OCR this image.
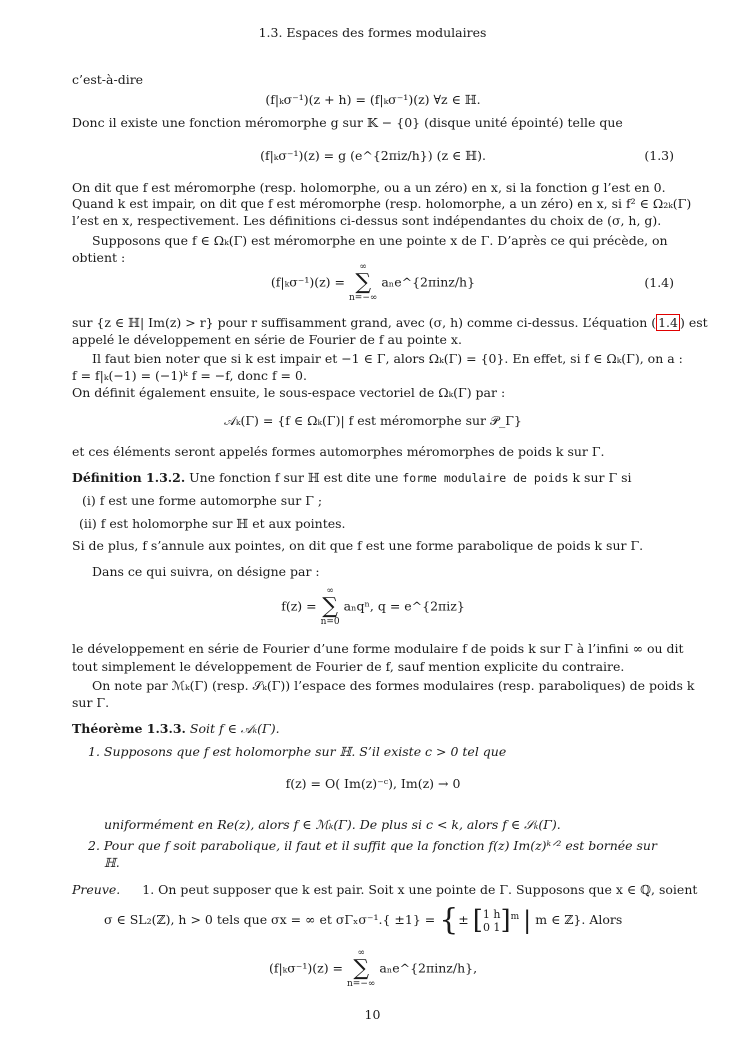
1.3. Espaces des formes modulaires
c’est-à-dire
(f|ₖσ⁻¹)(z + h) = (f|ₖσ⁻¹)(z) ∀z ∈ ℍ.
Donc il existe une fonction méromorphe g sur 𝕂 − {0} (disque unité épointé) telle que
(f|ₖσ⁻¹)(z) = g (e^{2πiz/h}) (z ∈ ℍ).	(1.3)
On dit que f est méromorphe (resp. holomorphe, ou a un zéro) en x, si la fonction g l’est en 0.
Quand k est impair, on dit que f est méromorphe (resp. holomorphe, a un zéro) en x, si f² ∈ Ω₂ₖ(Γ)
l’est en x, respectivement. Les définitions ci-dessus sont indépendantes du choix de (σ, h, g).
Supposons que f ∈ Ωₖ(Γ) est méromorphe en une pointe x de Γ. D’après ce qui précède, on
obtient :
(f|ₖσ⁻¹)(z) =
∞
∑
n=−∞
aₙe^{2πinz/h}	(1.4)
sur {z ∈ ℍ| Im(z) > r} pour r suffisamment grand, avec (σ, h) comme ci-dessus. L’équation ( 1.4 ) est
appelé le développement en série de Fourier de f au pointe x.
Il faut bien noter que si k est impair et −1 ∈ Γ, alors Ωₖ(Γ) = {0}. En effet, si f ∈ Ωₖ(Γ), on a :
f = f|ₖ(−1) = (−1)ᵏ f = −f, donc f = 0.
On définit également ensuite, le sous-espace vectoriel de Ωₖ(Γ) par :
𝒜ₖ(Γ) = {f ∈ Ωₖ(Γ)| f est méromorphe sur 𝒫_Γ}
et ces éléments seront appelés formes automorphes méromorphes de poids k sur Γ.
Définition 1.3.2. Une fonction f sur ℍ est dite une forme modulaire de poids k sur Γ si
(i) f est une forme automorphe sur Γ ;
(ii) f est holomorphe sur ℍ et aux pointes.
Si de plus, f s’annule aux pointes, on dit que f est une forme parabolique de poids k sur Γ.
Dans ce qui suivra, on désigne par :
f(z) =
∞
∑
n=0
aₙqⁿ, q = e^{2πiz}
le développement en série de Fourier d’une forme modulaire f de poids k sur Γ à l’infini ∞ ou dit
tout simplement le développement de Fourier de f, sauf mention explicite du contraire.
On note par ℳₖ(Γ) (resp. 𝒮ₖ(Γ)) l’espace des formes modulaires (resp. paraboliques) de poids k
sur Γ.
Théorème 1.3.3. Soit f ∈ 𝒜ₖ(Γ).
1. Supposons que f est holomorphe sur ℍ. S’il existe c > 0 tel que
f(z) = O( Im(z)⁻ᶜ), Im(z) → 0
uniformément en Re(z), alors f ∈ ℳₖ(Γ). De plus si c < k, alors f ∈ 𝒮ₖ(Γ).
2. Pour que f soit parabolique, il faut et il suffit que la fonction f(z) Im(z)ᵏᐟ² est bornée sur
ℍ.
Preuve. 1. On peut supposer que k est pair. Soit x une pointe de Γ. Supposons que x ∈ ℚ, soient
σ ∈ SL₂(ℤ), h > 0 tels que σx = ∞ et σΓₓσ⁻¹.{ ±1} = {± [ 1 h
0 1 ]$^m$ | m ∈ ℤ}. Alors
(f|ₖσ⁻¹)(z) =
∞
∑
n=−∞
aₙe^{2πinz/h},
10
